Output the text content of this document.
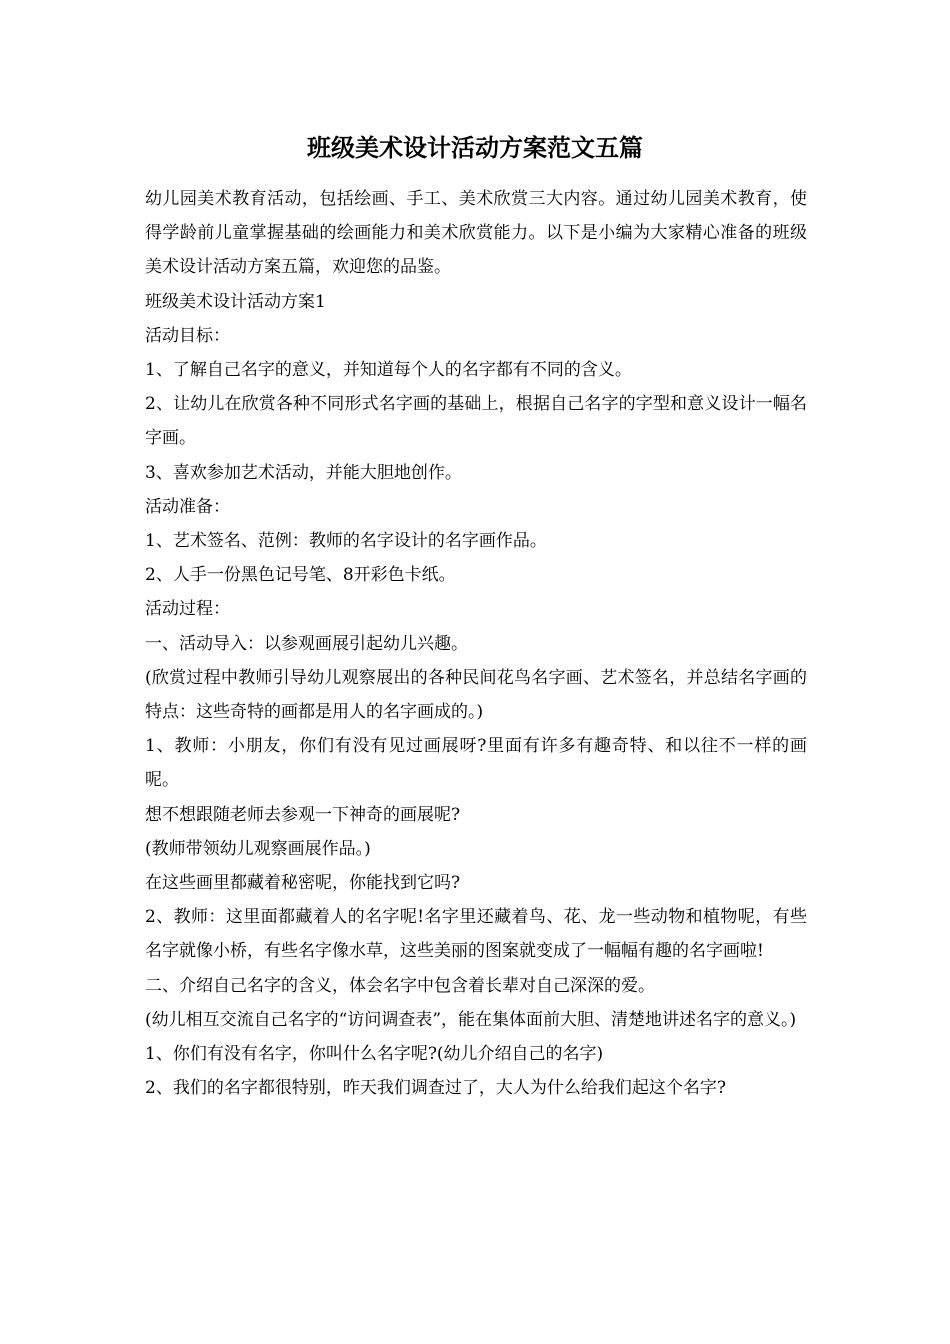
班级美术设计活动方案范文五篇

幼儿园美术教育活动，包括绘画、手工、美术欣赏三大内容。通过幼儿园美术教育，使得学龄前儿童掌握基础的绘画能力和美术欣赏能力。以下是小编为大家精心准备的班级美术设计活动方案五篇，欢迎您的品鉴。

班级美术设计活动方案1

活动目标：

1、了解自己名字的意义，并知道每个人的名字都有不同的含义。

2、让幼儿在欣赏各种不同形式名字画的基础上，根据自己名字的字型和意义设计一幅名字画。

3、喜欢参加艺术活动，并能大胆地创作。

活动准备：

1、艺术签名、范例：教师的名字设计的名字画作品。

2、人手一份黑色记号笔、8开彩色卡纸。

活动过程：

一、活动导入：以参观画展引起幼儿兴趣。

(欣赏过程中教师引导幼儿观察展出的各种民间花鸟名字画、艺术签名，并总结名字画的特点：这些奇特的画都是用人的名字画成的。)

1、教师：小朋友，你们有没有见过画展呀?里面有许多有趣奇特、和以往不一样的画呢。

想不想跟随老师去参观一下神奇的画展呢?

(教师带领幼儿观察画展作品。)

在这些画里都藏着秘密呢，你能找到它吗?

2、教师：这里面都藏着人的名字呢!名字里还藏着鸟、花、龙一些动物和植物呢，有些名字就像小桥，有些名字像水草，这些美丽的图案就变成了一幅幅有趣的名字画啦!

二、介绍自己名字的含义，体会名字中包含着长辈对自己深深的爱。

(幼儿相互交流自己名字的“访问调查表”，能在集体面前大胆、清楚地讲述名字的意义。)

1、你们有没有名字，你叫什么名字呢?(幼儿介绍自己的名字)

2、我们的名字都很特别，昨天我们调查过了，大人为什么给我们起这个名字?
